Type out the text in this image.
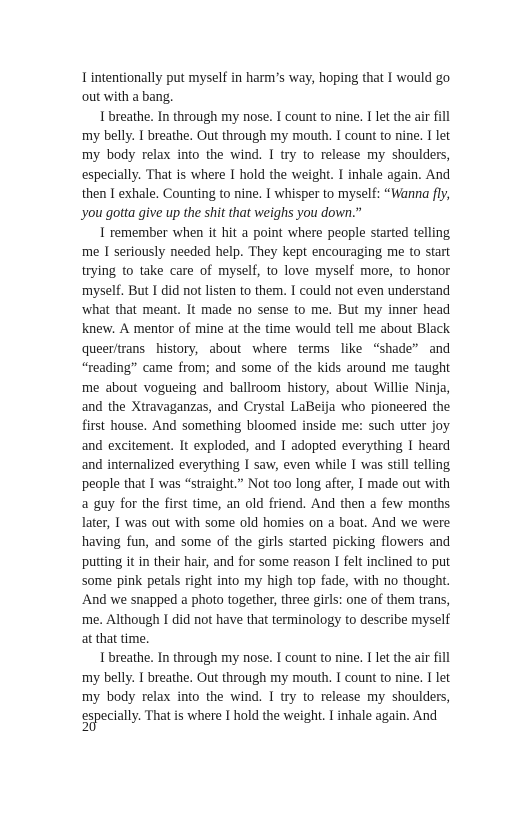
I intentionally put myself in harm’s way, hoping that I would go out with a bang.

I breathe. In through my nose. I count to nine. I let the air fill my belly. I breathe. Out through my mouth. I count to nine. I let my body relax into the wind. I try to release my shoulders, especially. That is where I hold the weight. I inhale again. And then I exhale. Counting to nine. I whisper to myself: “Wanna fly, you gotta give up the shit that weighs you down.”

I remember when it hit a point where people started telling me I seriously needed help. They kept encouraging me to start trying to take care of myself, to love myself more, to honor myself. But I did not listen to them. I could not even understand what that meant. It made no sense to me. But my inner head knew. A mentor of mine at the time would tell me about Black queer/trans history, about where terms like “shade” and “reading” came from; and some of the kids around me taught me about vogueing and ballroom history, about Willie Ninja, and the Xtravaganzas, and Crystal LaBeija who pioneered the first house. And something bloomed inside me: such utter joy and excitement. It exploded, and I adopted everything I heard and internalized everything I saw, even while I was still telling people that I was “straight.” Not too long after, I made out with a guy for the first time, an old friend. And then a few months later, I was out with some old homies on a boat. And we were having fun, and some of the girls started picking flowers and putting it in their hair, and for some reason I felt inclined to put some pink petals right into my high top fade, with no thought. And we snapped a photo together, three girls: one of them trans, me. Although I did not have that terminology to describe myself at that time.

I breathe. In through my nose. I count to nine. I let the air fill my belly. I breathe. Out through my mouth. I count to nine. I let my body relax into the wind. I try to release my shoulders, especially. That is where I hold the weight. I inhale again. And

20
